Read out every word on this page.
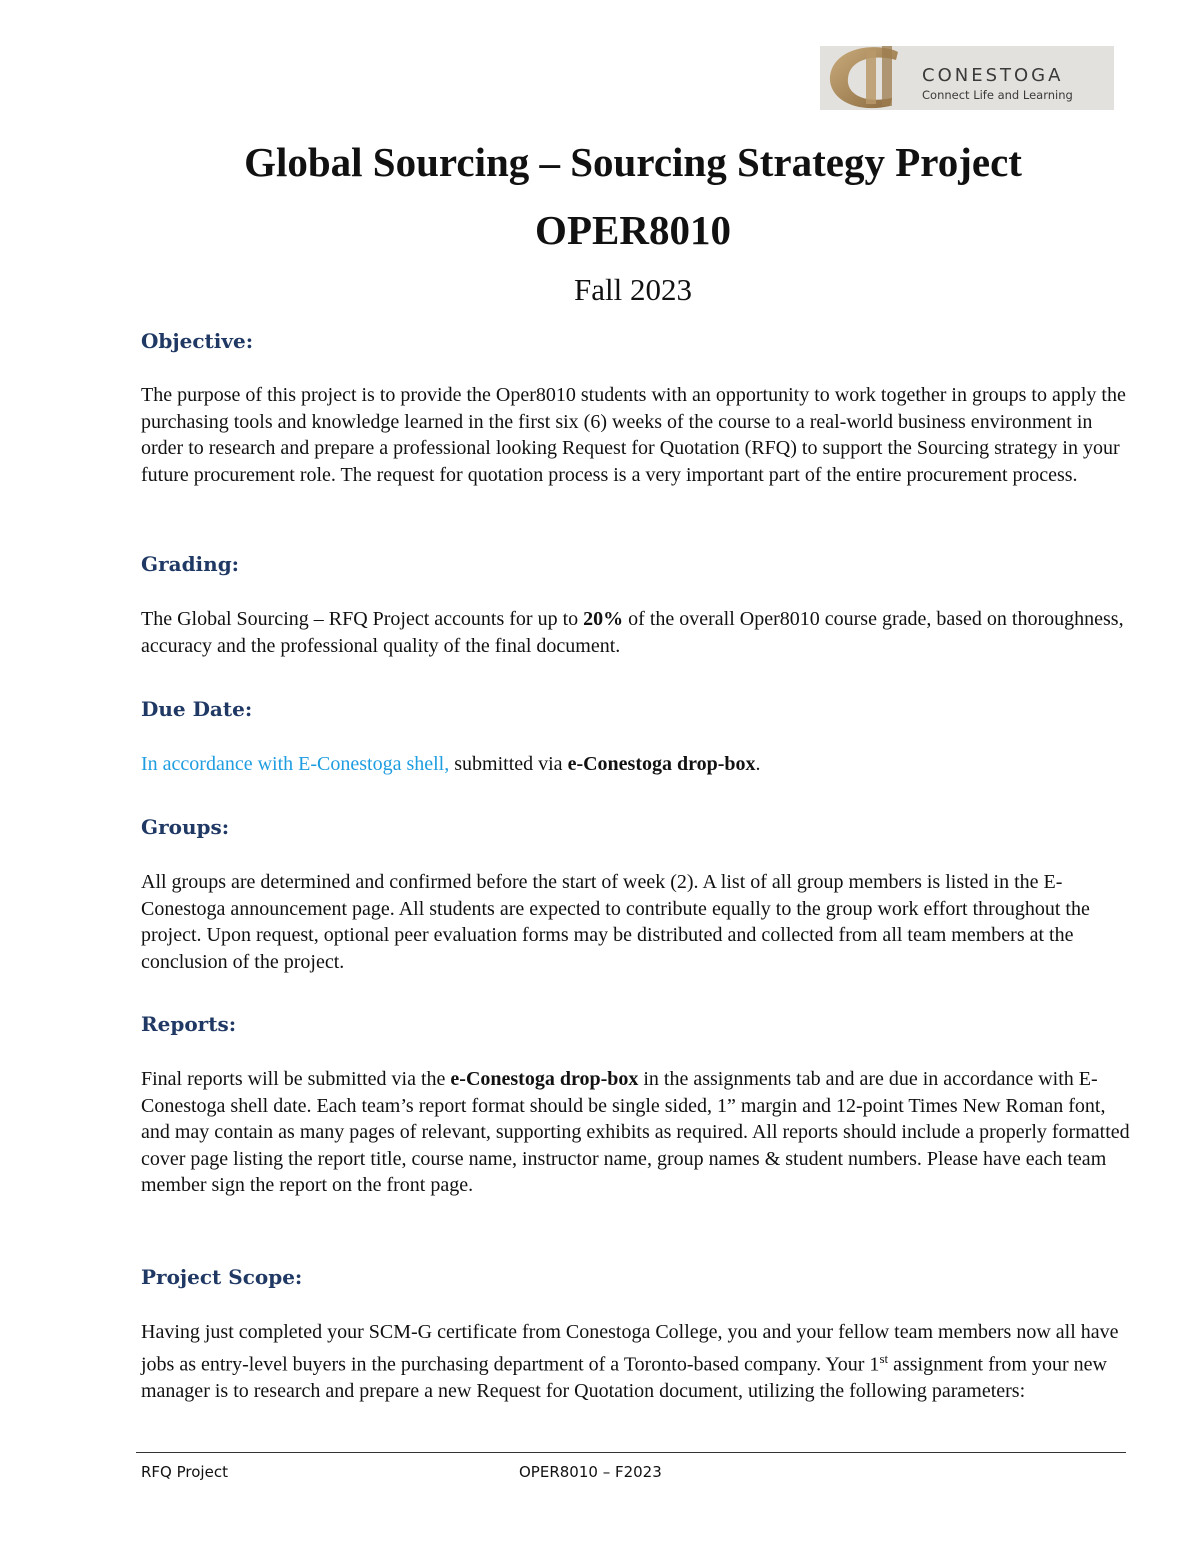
CONESTOGA
Connect Life and Learning
Global Sourcing – Sourcing Strategy Project
OPER8010
Fall 2023
Objective:
The purpose of this project is to provide the Oper8010 students with an opportunity to work together in groups to apply the purchasing tools and knowledge learned in the first six (6) weeks of the course to a real-world business environment in order to research and prepare a professional looking Request for Quotation (RFQ) to support the Sourcing strategy in your future procurement role. The request for quotation process is a very important part of the entire procurement process.
Grading:
The Global Sourcing – RFQ Project accounts for up to 20% of the overall Oper8010 course grade, based on thoroughness, accuracy and the professional quality of the final document.
Due Date:
In accordance with E-Conestoga shell, submitted via e-Conestoga drop-box.
Groups:
All groups are determined and confirmed before the start of week (2). A list of all group members is listed in the E-Conestoga announcement page. All students are expected to contribute equally to the group work effort throughout the project. Upon request, optional peer evaluation forms may be distributed and collected from all team members at the conclusion of the project.
Reports:
Final reports will be submitted via the e-Conestoga drop-box in the assignments tab and are due in accordance with E-Conestoga shell date. Each team’s report format should be single sided, 1” margin and 12-point Times New Roman font, and may contain as many pages of relevant, supporting exhibits as required. All reports should include a properly formatted cover page listing the report title, course name, instructor name, group names & student numbers. Please have each team member sign the report on the front page.
Project Scope:
Having just completed your SCM-G certificate from Conestoga College, you and your fellow team members now all have jobs as entry-level buyers in the purchasing department of a Toronto-based company. Your 1st assignment from your new manager is to research and prepare a new Request for Quotation document, utilizing the following parameters:
RFQ Project	OPER8010 – F2023
